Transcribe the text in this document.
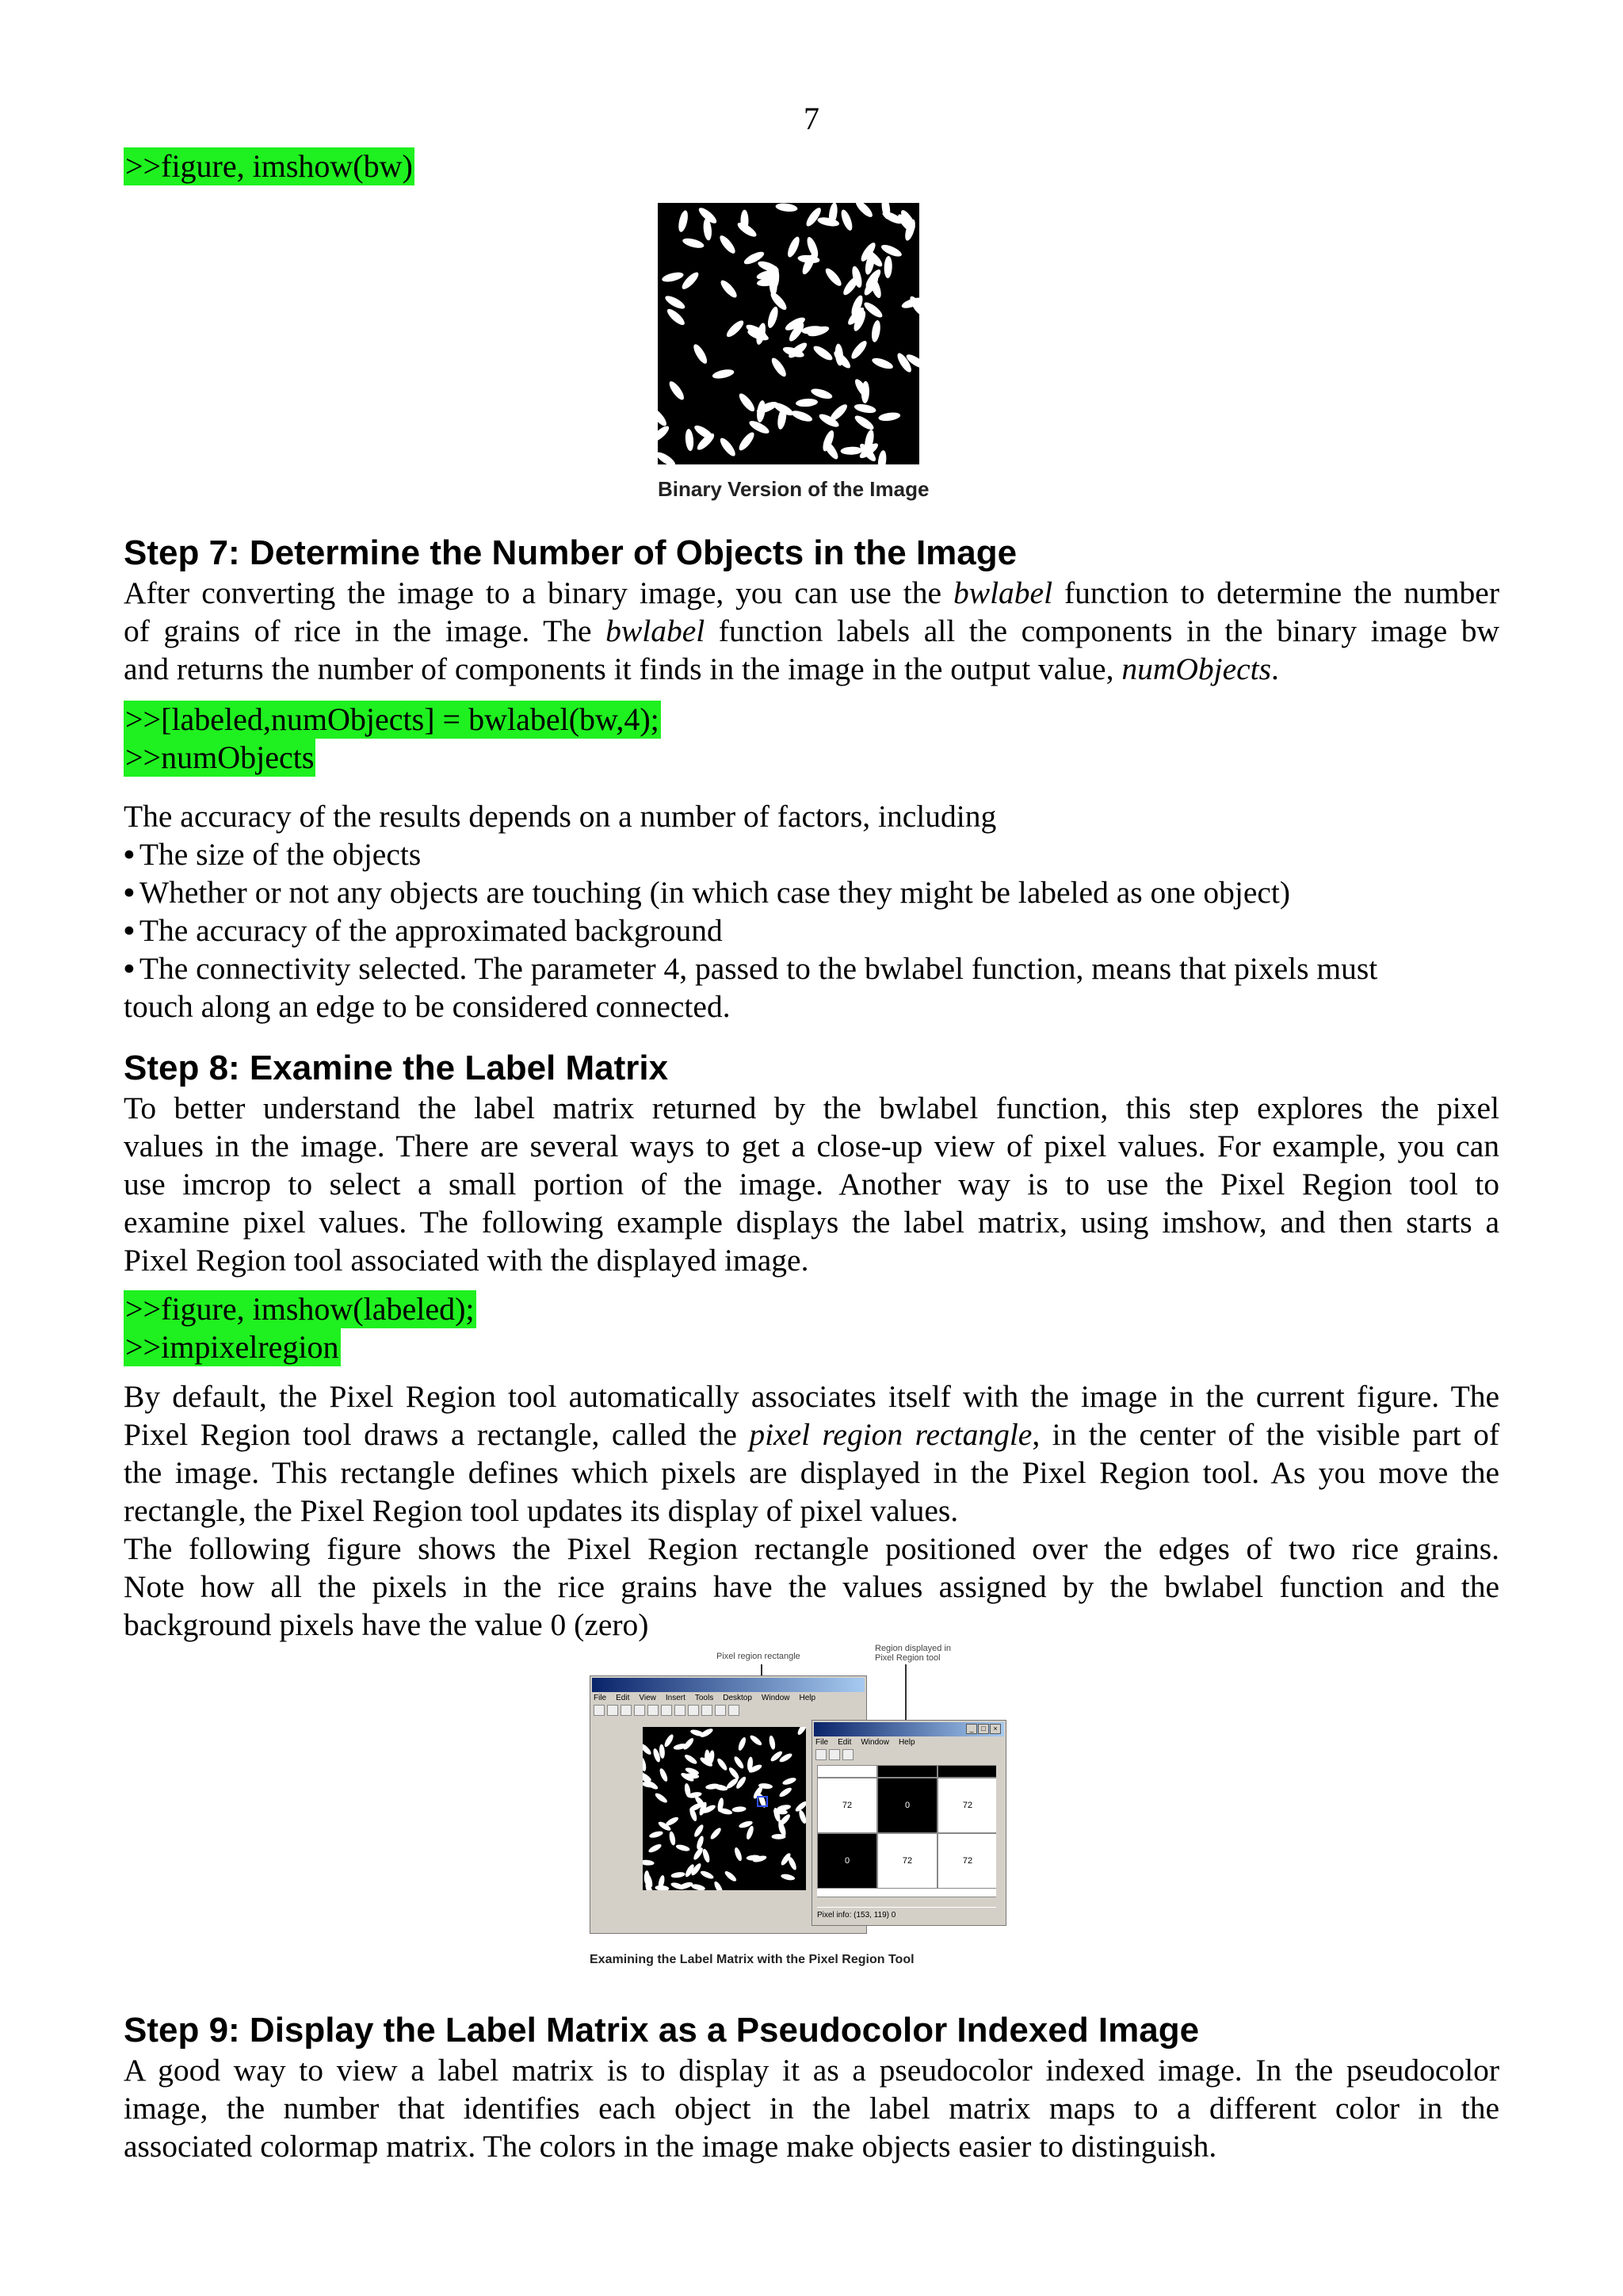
7
>>figure, imshow(bw)
Binary Version of the Image
Step 7: Determine the Number of Objects in the Image
After converting the image to a binary image, you can use the bwlabel function to determine the number
of grains of rice in the image. The bwlabel function labels all the components in the binary image bw
and returns the number of components it finds in the image in the output value, numObjects.
>>[labeled,numObjects] = bwlabel(bw,4);
>>numObjects
The accuracy of the results depends on a number of factors, including
• The size of the objects
• Whether or not any objects are touching (in which case they might be labeled as one object)
• The accuracy of the approximated background
• The connectivity selected. The parameter 4, passed to the bwlabel function, means that pixels must
touch along an edge to be considered connected.
Step 8: Examine the Label Matrix
To better understand the label matrix returned by the bwlabel function, this step explores the pixel
values in the image. There are several ways to get a close-up view of pixel values. For example, you can
use imcrop to select a small portion of the image. Another way is to use the Pixel Region tool to
examine pixel values. The following example displays the label matrix, using imshow, and then starts a
Pixel Region tool associated with the displayed image.
>>figure, imshow(labeled);
>>impixelregion
By default, the Pixel Region tool automatically associates itself with the image in the current figure. The
Pixel Region tool draws a rectangle, called the pixel region rectangle, in the center of the visible part of
the image. This rectangle defines which pixels are displayed in the Pixel Region tool. As you move the
rectangle, the Pixel Region tool updates its display of pixel values.
The following figure shows the Pixel Region rectangle positioned over the edges of two rice grains.
Note how all the pixels in the rice grains have the values assigned by the bwlabel function and the
background pixels have the value 0 (zero)
Pixel region rectangle
Region displayed in
Pixel Region tool
File Edit View Insert Tools Desktop Window Help
_	□	×
File Edit Window Help
72	0	72
0	72	72
Pixel info: (153, 119) 0
Examining the Label Matrix with the Pixel Region Tool
Step 9: Display the Label Matrix as a Pseudocolor Indexed Image
A good way to view a label matrix is to display it as a pseudocolor indexed image. In the pseudocolor
image, the number that identifies each object in the label matrix maps to a different color in the
associated colormap matrix. The colors in the image make objects easier to distinguish.
